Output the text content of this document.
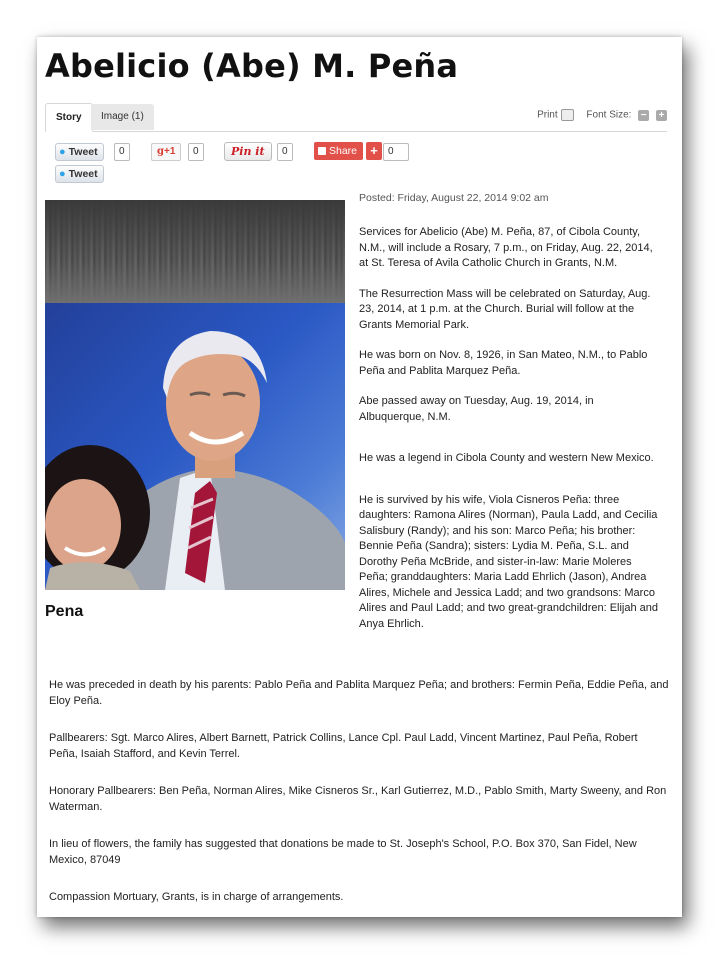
Abelicio (Abe) M. Peña
Story	Image (1)	Print	Font Size: − +
● Tweet	0	g+1	0	Pin it	0	Share	+	0
● Tweet
Posted: Friday, August 22, 2014 9:02 am
Pena

Services for Abelicio (Abe) M. Peña, 87, of Cibola County, N.M., will include a Rosary, 7 p.m., on Friday, Aug. 22, 2014, at St. Teresa of Avila Catholic Church in Grants, N.M.

The Resurrection Mass will be celebrated on Saturday, Aug. 23, 2014, at 1 p.m. at the Church. Burial will follow at the Grants Memorial Park.

He was born on Nov. 8, 1926, in San Mateo, N.M., to Pablo Peña and Pablita Marquez Peña.

Abe passed away on Tuesday, Aug. 19, 2014, in Albuquerque, N.M.

He was a legend in Cibola County and western New Mexico.

He is survived by his wife, Viola Cisneros Peña: three daughters: Ramona Alires (Norman), Paula Ladd, and Cecilia Salisbury (Randy); and his son: Marco Peña; his brother: Bennie Peña (Sandra); sisters: Lydia M. Peña, S.L. and Dorothy Peña McBride, and sister-in-law: Marie Moleres Peña; granddaughters: Maria Ladd Ehrlich (Jason), Andrea Alires, Michele and Jessica Ladd; and two grandsons: Marco Alires and Paul Ladd; and two great-grandchildren: Elijah and Anya Ehrlich.

He was preceded in death by his parents: Pablo Peña and Pablita Marquez Peña; and brothers: Fermin Peña, Eddie Peña, and Eloy Peña.

Pallbearers: Sgt. Marco Alires, Albert Barnett, Patrick Collins, Lance Cpl. Paul Ladd, Vincent Martinez, Paul Peña, Robert Peña, Isaiah Stafford, and Kevin Terrel.

Honorary Pallbearers: Ben Peña, Norman Alires, Mike Cisneros Sr., Karl Gutierrez, M.D., Pablo Smith, Marty Sweeny, and Ron Waterman.

In lieu of flowers, the family has suggested that donations be made to St. Joseph's School, P.O. Box 370, San Fidel, New Mexico, 87049

Compassion Mortuary, Grants, is in charge of arrangements.
